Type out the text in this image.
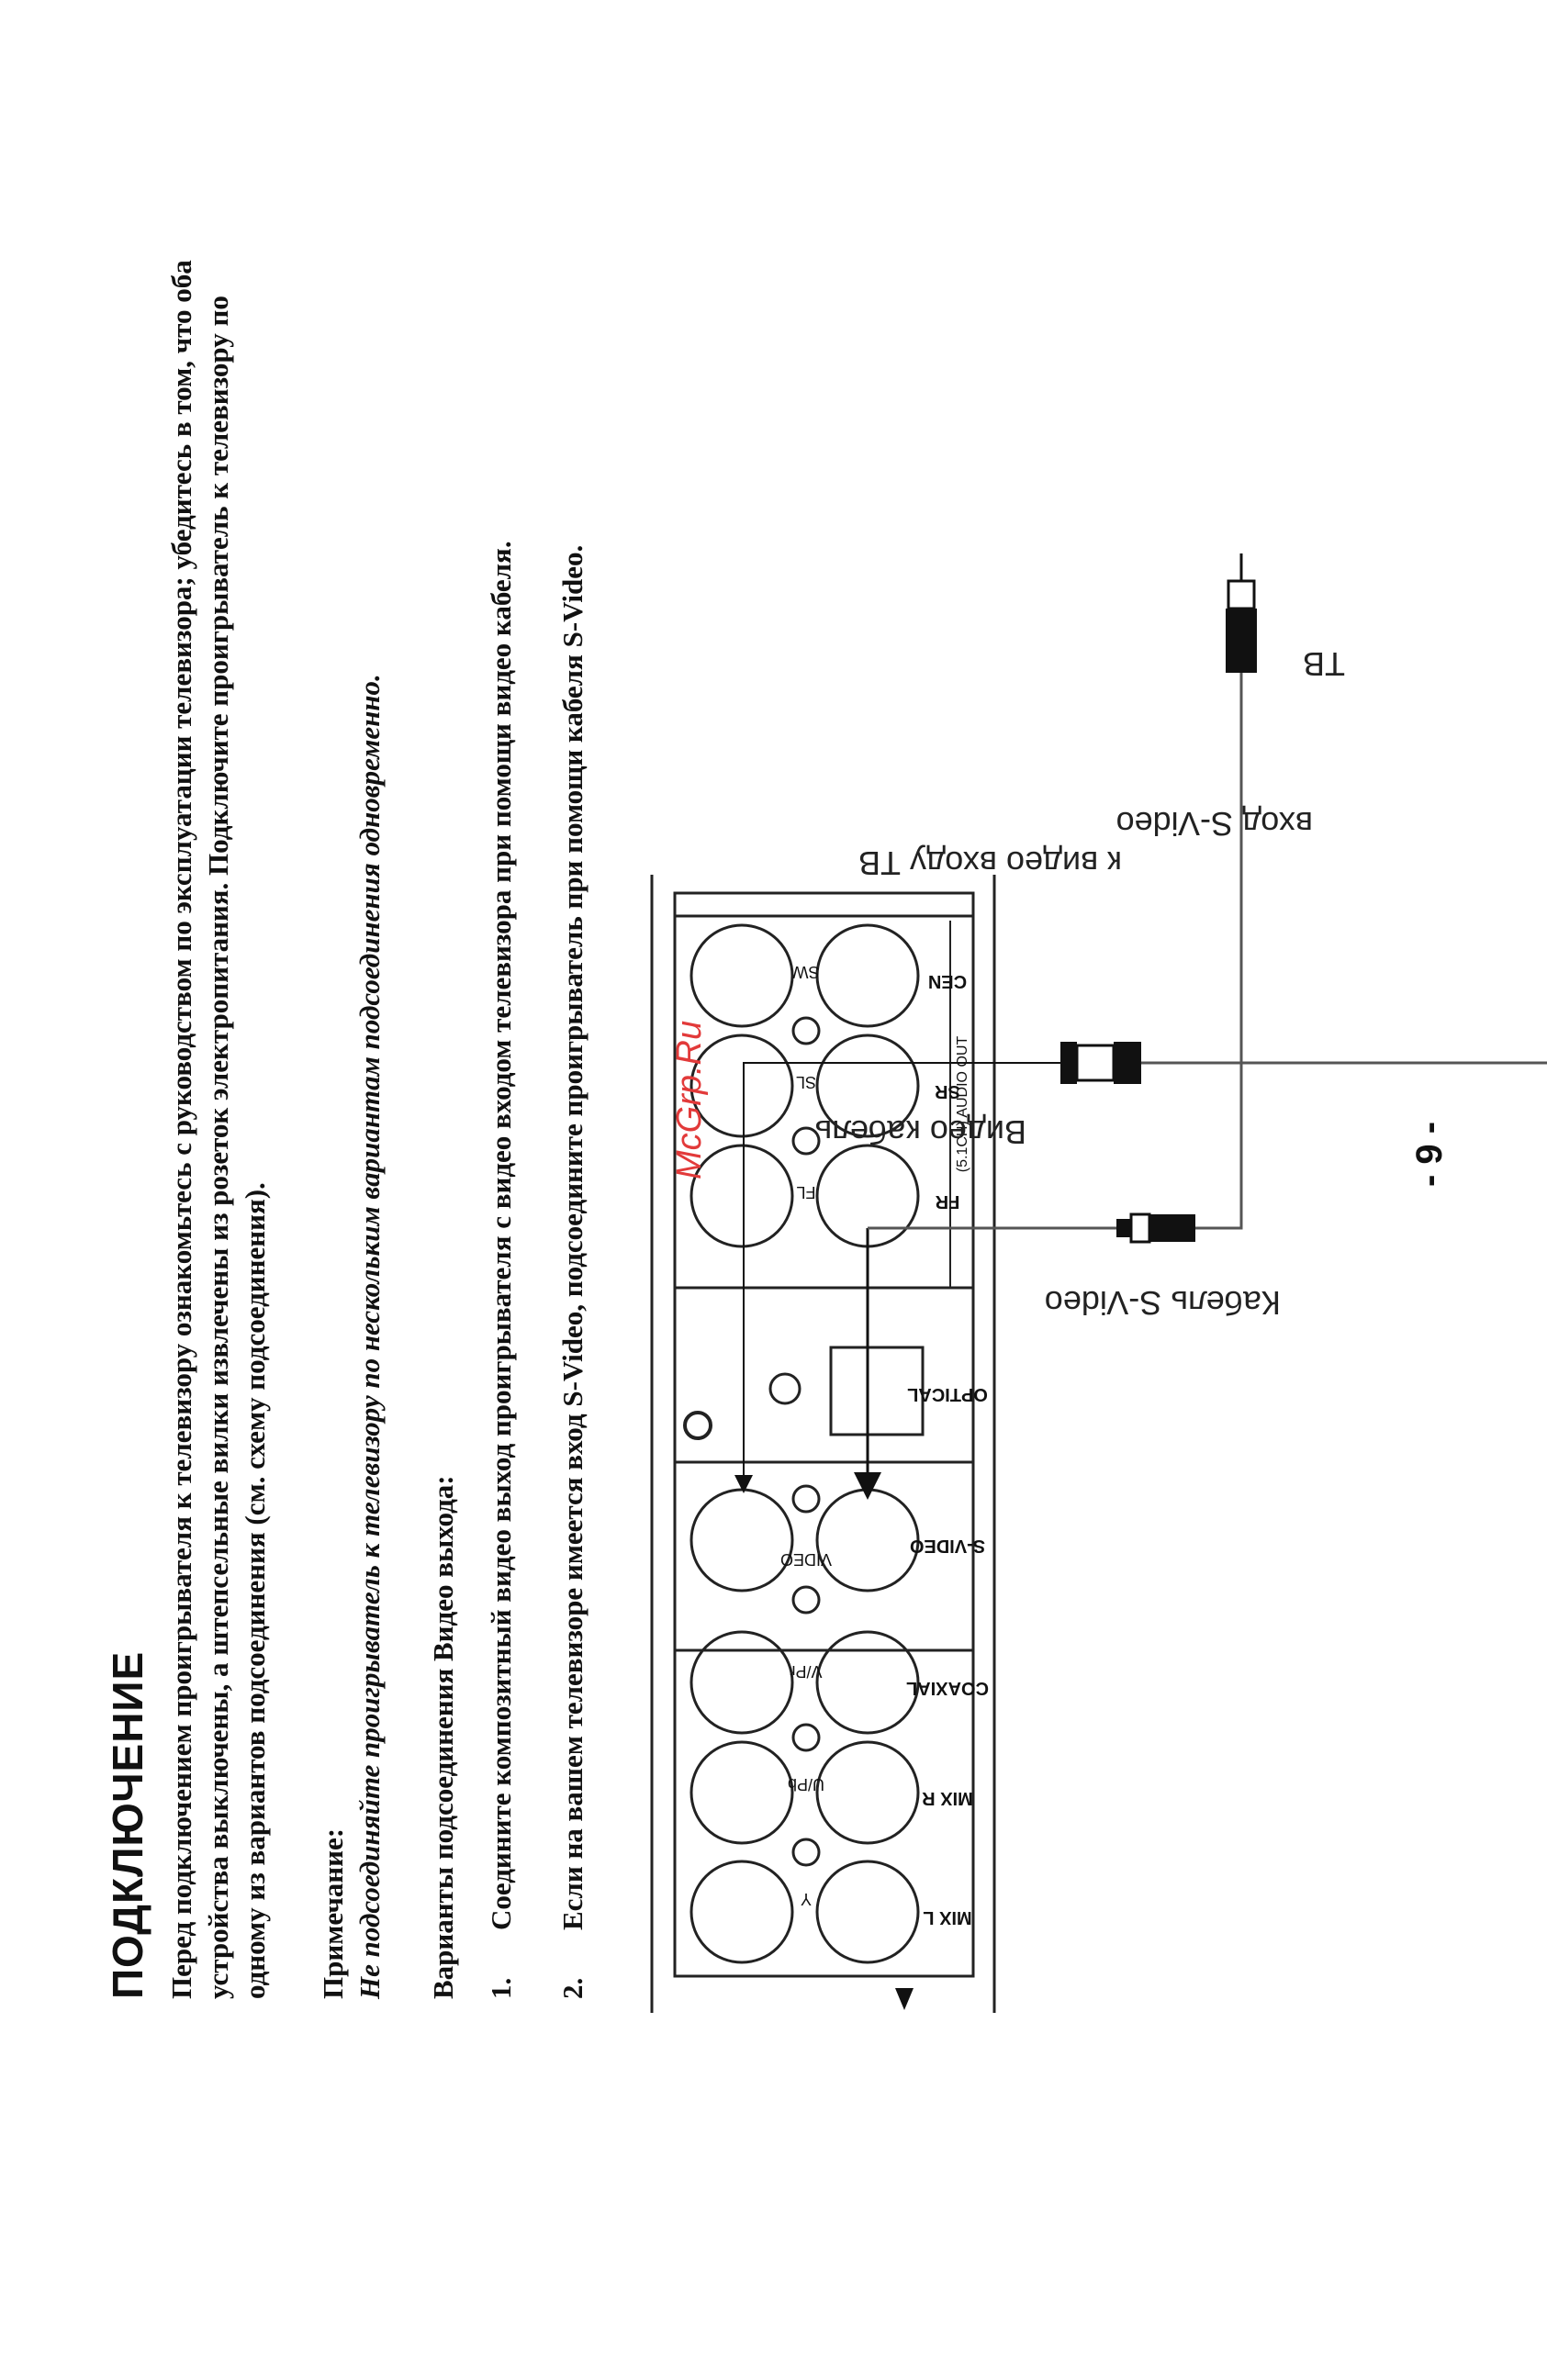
ПОДКЛЮЧЕНИЕ Перед подключением проигрывателя к телевизору ознакомьтесь с руководством по эксплуатации телевизора; убедитесь в том, что оба устройства выключены, а штепсельные вилки извлечены из розеток электропитания. Подключите проигрыватель к телевизору по одному из вариантов подсоединения (см. схему подсоединения). Примечание: Не подсоединяйте проигрыватель к телевизору по нескольким вариантам подсоединения одновременно. Варианты подсоединения Видео выхода: 1.
Соедините композитный видео выход проигрывателя с видео входом телевизора при помощи видео кабеля.
2.
Если на вашем телевизоре имеется вход S-Video, подсоедините проигрыватель при помощи кабеля S-Video.	Y
U/Pb
V/Pr
VIDEO
FL
SL
SW
MIX L
MIX R
COAXIAL
S-VIDEO
OPTICAL
FR
SR
CEN
(5.1CH) AUDIO OUT
Видео кабель
к видео входу ТВ
Кабель S-Video
вход S-Video
ТВ
McGrp.Ru	- 9 -
